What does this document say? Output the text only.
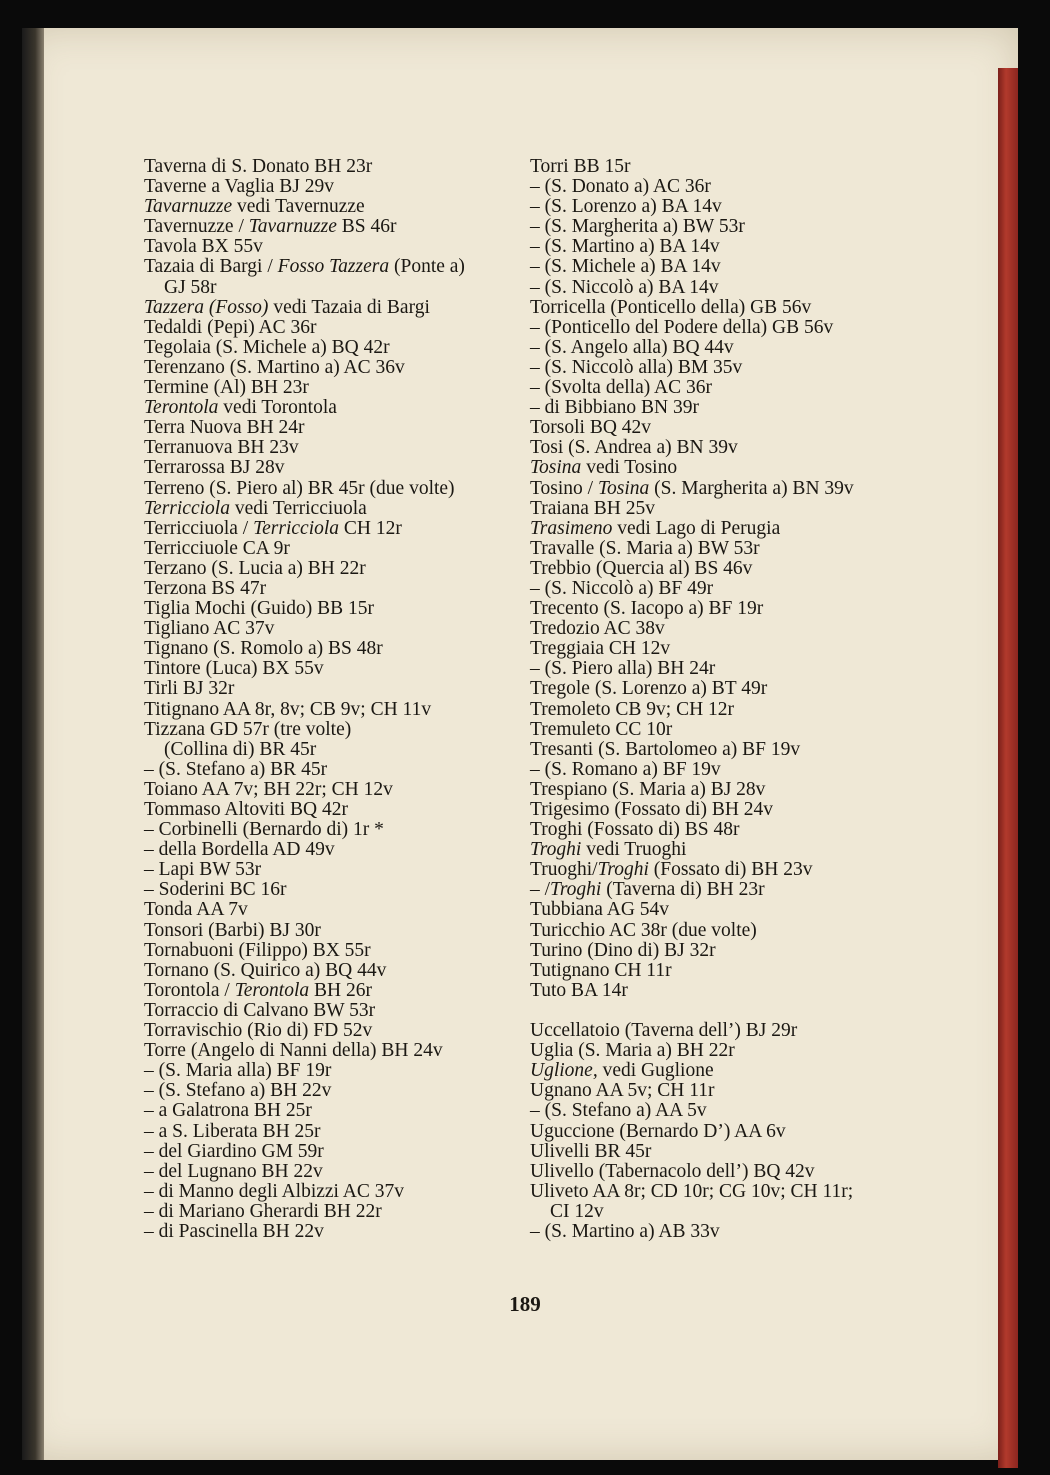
Taverna di S. Donato BH 23r
Taverne a Vaglia BJ 29v
Tavarnuzze vedi Tavernuzze
Tavernuzze / Tavarnuzze BS 46r
Tavola BX 55v
Tazaia di Bargi / Fosso Tazzera (Ponte a)
GJ 58r
Tazzera (Fosso) vedi Tazaia di Bargi
Tedaldi (Pepi) AC 36r
Tegolaia (S. Michele a) BQ 42r
Terenzano (S. Martino a) AC 36v
Termine (Al) BH 23r
Terontola vedi Torontola
Terra Nuova BH 24r
Terranuova BH 23v
Terrarossa BJ 28v
Terreno (S. Piero al) BR 45r (due volte)
Terricciola vedi Terricciuola
Terricciuola / Terricciola CH 12r
Terricciuole CA 9r
Terzano (S. Lucia a) BH 22r
Terzona BS 47r
Tiglia Mochi (Guido) BB 15r
Tigliano AC 37v
Tignano (S. Romolo a) BS 48r
Tintore (Luca) BX 55v
Tirli BJ 32r
Titignano AA 8r, 8v; CB 9v; CH 11v
Tizzana GD 57r (tre volte)
(Collina di) BR 45r
– (S. Stefano a) BR 45r
Toiano AA 7v; BH 22r; CH 12v
Tommaso Altoviti BQ 42r
– Corbinelli (Bernardo di) 1r *
– della Bordella AD 49v
– Lapi BW 53r
– Soderini BC 16r
Tonda AA 7v
Tonsori (Barbi) BJ 30r
Tornabuoni (Filippo) BX 55r
Tornano (S. Quirico a) BQ 44v
Torontola / Terontola BH 26r
Torraccio di Calvano BW 53r
Torravischio (Rio di) FD 52v
Torre (Angelo di Nanni della) BH 24v
– (S. Maria alla) BF 19r
– (S. Stefano a) BH 22v
– a Galatrona BH 25r
– a S. Liberata BH 25r
– del Giardino GM 59r
– del Lugnano BH 22v
– di Manno degli Albizzi AC 37v
– di Mariano Gherardi BH 22r
– di Pascinella BH 22v
Torri BB 15r
– (S. Donato a) AC 36r
– (S. Lorenzo a) BA 14v
– (S. Margherita a) BW 53r
– (S. Martino a) BA 14v
– (S. Michele a) BA 14v
– (S. Niccolò a) BA 14v
Torricella (Ponticello della) GB 56v
– (Ponticello del Podere della) GB 56v
– (S. Angelo alla) BQ 44v
– (S. Niccolò alla) BM 35v
– (Svolta della) AC 36r
– di Bibbiano BN 39r
Torsoli BQ 42v
Tosi (S. Andrea a) BN 39v
Tosina vedi Tosino
Tosino / Tosina (S. Margherita a) BN 39v
Traiana BH 25v
Trasimeno vedi Lago di Perugia
Travalle (S. Maria a) BW 53r
Trebbio (Quercia al) BS 46v
– (S. Niccolò a) BF 49r
Trecento (S. Iacopo a) BF 19r
Tredozio AC 38v
Treggiaia CH 12v
– (S. Piero alla) BH 24r
Tregole (S. Lorenzo a) BT 49r
Tremoleto CB 9v; CH 12r
Tremuleto CC 10r
Tresanti (S. Bartolomeo a) BF 19v
– (S. Romano a) BF 19v
Trespiano (S. Maria a) BJ 28v
Trigesimo (Fossato di) BH 24v
Troghi (Fossato di) BS 48r
Troghi vedi Truoghi
Truoghi/Troghi (Fossato di) BH 23v
– /Troghi (Taverna di) BH 23r
Tubbiana AG 54v
Turicchio AC 38r (due volte)
Turino (Dino di) BJ 32r
Tutignano CH 11r
Tuto BA 14r
Uccellatoio (Taverna dell’) BJ 29r
Uglia (S. Maria a) BH 22r
Uglione, vedi Guglione
Ugnano AA 5v; CH 11r
– (S. Stefano a) AA 5v
Uguccione (Bernardo D’) AA 6v
Ulivelli BR 45r
Ulivello (Tabernacolo dell’) BQ 42v
Uliveto AA 8r; CD 10r; CG 10v; CH 11r;
CI 12v
– (S. Martino a) AB 33v
189
